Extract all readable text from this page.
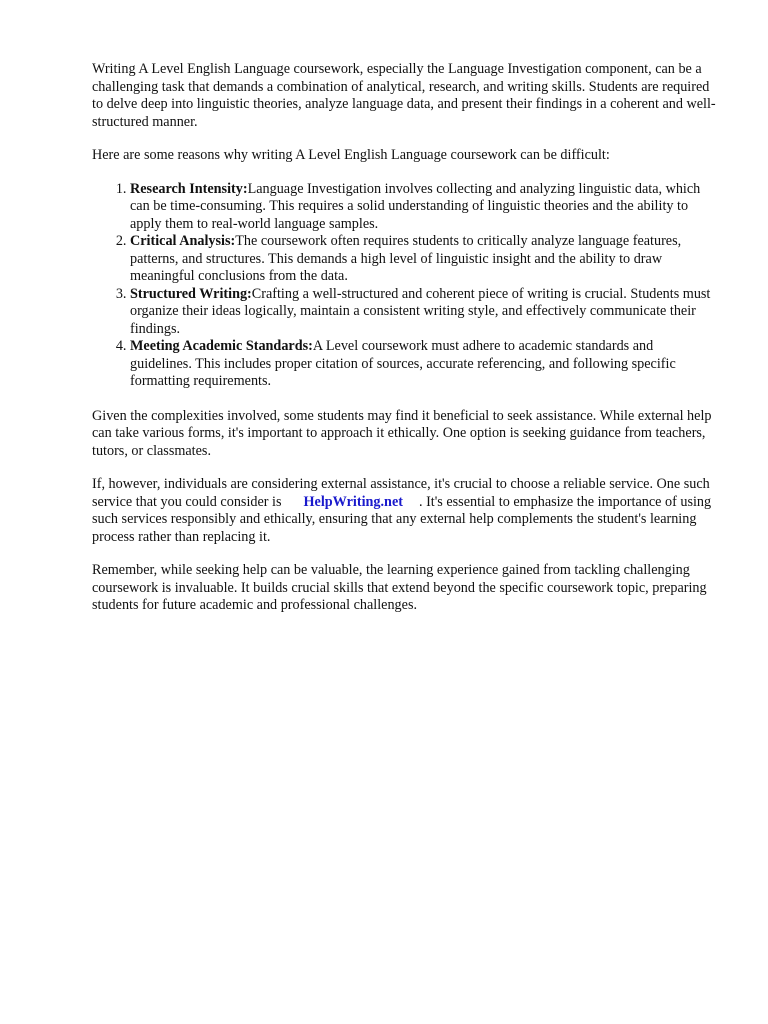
Writing A Level English Language coursework, especially the Language Investigation component, can be a challenging task that demands a combination of analytical, research, and writing skills. Students are required to delve deep into linguistic theories, analyze language data, and present their findings in a coherent and well-structured manner.

Here are some reasons why writing A Level English Language coursework can be difficult:

1. Research Intensity:Language Investigation involves collecting and analyzing linguistic data, which can be time-consuming. This requires a solid understanding of linguistic theories and the ability to apply them to real-world language samples.
2. Critical Analysis:The coursework often requires students to critically analyze language features, patterns, and structures. This demands a high level of linguistic insight and the ability to draw meaningful conclusions from the data.
3. Structured Writing:Crafting a well-structured and coherent piece of writing is crucial. Students must organize their ideas logically, maintain a consistent writing style, and effectively communicate their findings.
4. Meeting Academic Standards:A Level coursework must adhere to academic standards and guidelines. This includes proper citation of sources, accurate referencing, and following specific formatting requirements.

Given the complexities involved, some students may find it beneficial to seek assistance. While external help can take various forms, it's important to approach it ethically. One option is seeking guidance from teachers, tutors, or classmates.

If, however, individuals are considering external assistance, it's crucial to choose a reliable service. One such service that you could consider is HelpWriting.net . It's essential to emphasize the importance of using such services responsibly and ethically, ensuring that any external help complements the student's learning process rather than replacing it.

Remember, while seeking help can be valuable, the learning experience gained from tackling challenging coursework is invaluable. It builds crucial skills that extend beyond the specific coursework topic, preparing students for future academic and professional challenges.
